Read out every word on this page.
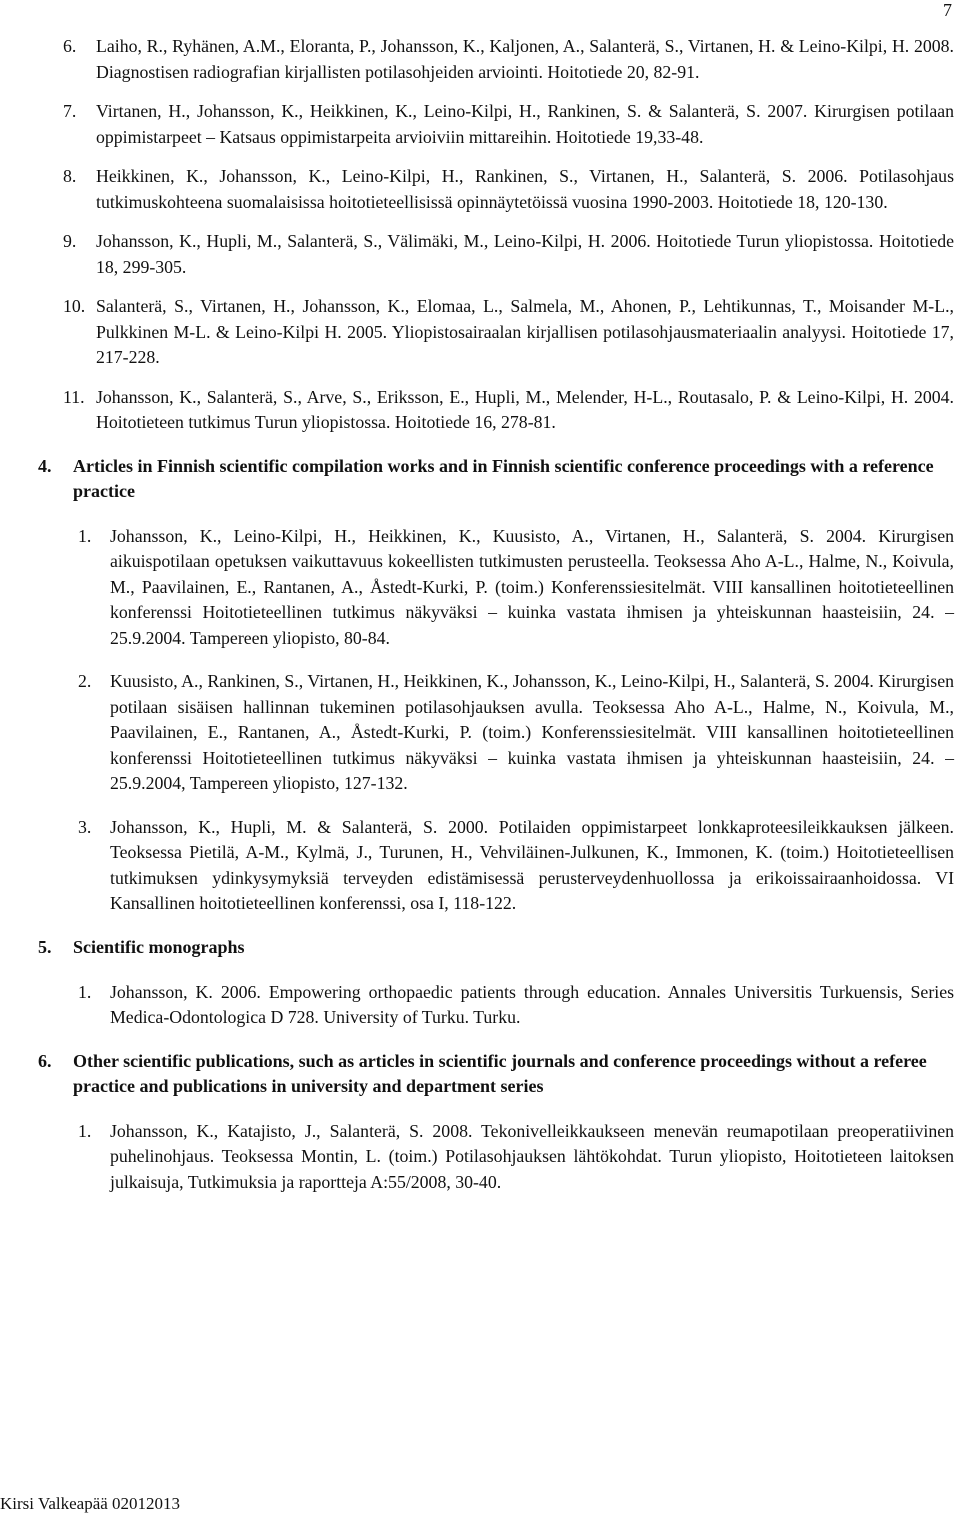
7
6. Laiho, R., Ryhänen, A.M., Eloranta, P., Johansson, K., Kaljonen, A., Salanterä, S., Virtanen, H. & Leino-Kilpi, H. 2008. Diagnostisen radiografian kirjallisten potilasohjeiden arviointi. Hoitotiede 20, 82-91.
7. Virtanen, H., Johansson, K., Heikkinen, K., Leino-Kilpi, H., Rankinen, S. & Salanterä, S. 2007. Kirurgisen potilaan oppimistarpeet – Katsaus oppimistarpeita arvioiviin mittareihin. Hoitotiede 19,33-48.
8. Heikkinen, K., Johansson, K., Leino-Kilpi, H., Rankinen, S., Virtanen, H., Salanterä, S. 2006. Potilasohjaus tutkimuskohteena suomalaisissa hoitotieteellisissä opinnäytetöissä vuosina 1990-2003. Hoitotiede 18, 120-130.
9. Johansson, K., Hupli, M., Salanterä, S., Välimäki, M., Leino-Kilpi, H. 2006. Hoitotiede Turun yliopistossa. Hoitotiede 18, 299-305.
10. Salanterä, S., Virtanen, H., Johansson, K., Elomaa, L., Salmela, M., Ahonen, P., Lehtikunnas, T., Moisander M-L., Pulkkinen M-L. & Leino-Kilpi H. 2005. Yliopistosairaalan kirjallisen potilasohjausmateriaalin analyysi. Hoitotiede 17, 217-228.
11. Johansson, K., Salanterä, S., Arve, S., Eriksson, E., Hupli, M., Melender, H-L., Routasalo, P. & Leino-Kilpi, H. 2004. Hoitotieteen tutkimus Turun yliopistossa. Hoitotiede 16, 278-81.
4. Articles in Finnish scientific compilation works and in Finnish scientific conference proceedings with a reference practice
1. Johansson, K., Leino-Kilpi, H., Heikkinen, K., Kuusisto, A., Virtanen, H., Salanterä, S. 2004. Kirurgisen aikuispotilaan opetuksen vaikuttavuus kokeellisten tutkimusten perusteella. Teoksessa Aho A-L., Halme, N., Koivula, M., Paavilainen, E., Rantanen, A., Åstedt-Kurki, P. (toim.) Konferenssiesitelmät. VIII kansallinen hoitotieteellinen konferenssi Hoitotieteellinen tutkimus näkyväksi – kuinka vastata ihmisen ja yhteiskunnan haasteisiin, 24. – 25.9.2004. Tampereen yliopisto, 80-84.
2. Kuusisto, A., Rankinen, S., Virtanen, H., Heikkinen, K., Johansson, K., Leino-Kilpi, H., Salanterä, S. 2004. Kirurgisen potilaan sisäisen hallinnan tukeminen potilasohjauksen avulla. Teoksessa Aho A-L., Halme, N., Koivula, M., Paavilainen, E., Rantanen, A., Åstedt-Kurki, P. (toim.) Konferenssiesitelmät. VIII kansallinen hoitotieteellinen konferenssi Hoitotieteellinen tutkimus näkyväksi – kuinka vastata ihmisen ja yhteiskunnan haasteisiin, 24. – 25.9.2004, Tampereen yliopisto, 127-132.
3. Johansson, K., Hupli, M. & Salanterä, S. 2000. Potilaiden oppimistarpeet lonkkaproteesileikkauksen jälkeen. Teoksessa Pietilä, A-M., Kylmä, J., Turunen, H., Vehviläinen-Julkunen, K., Immonen, K. (toim.) Hoitotieteellisen tutkimuksen ydinkysymyksiä terveyden edistämisessä perusterveydenhuollossa ja erikoissairaanhoidossa. VI Kansallinen hoitotieteellinen konferenssi, osa I, 118-122.
5. Scientific monographs
1. Johansson, K. 2006. Empowering orthopaedic patients through education. Annales Universitis Turkuensis, Series Medica-Odontologica D 728. University of Turku. Turku.
6. Other scientific publications, such as articles in scientific journals and conference proceedings without a referee practice and publications in university and department series
1. Johansson, K., Katajisto, J., Salanterä, S. 2008. Tekonivelleikkaukseen menevän reumapotilaan preoperatiivinen puhelinohjaus. Teoksessa Montin, L. (toim.) Potilasohjauksen lähtökohdat. Turun yliopisto, Hoitotieteen laitoksen julkaisuja, Tutkimuksia ja raportteja A:55/2008, 30-40.
Kirsi Valkeapää 02012013
